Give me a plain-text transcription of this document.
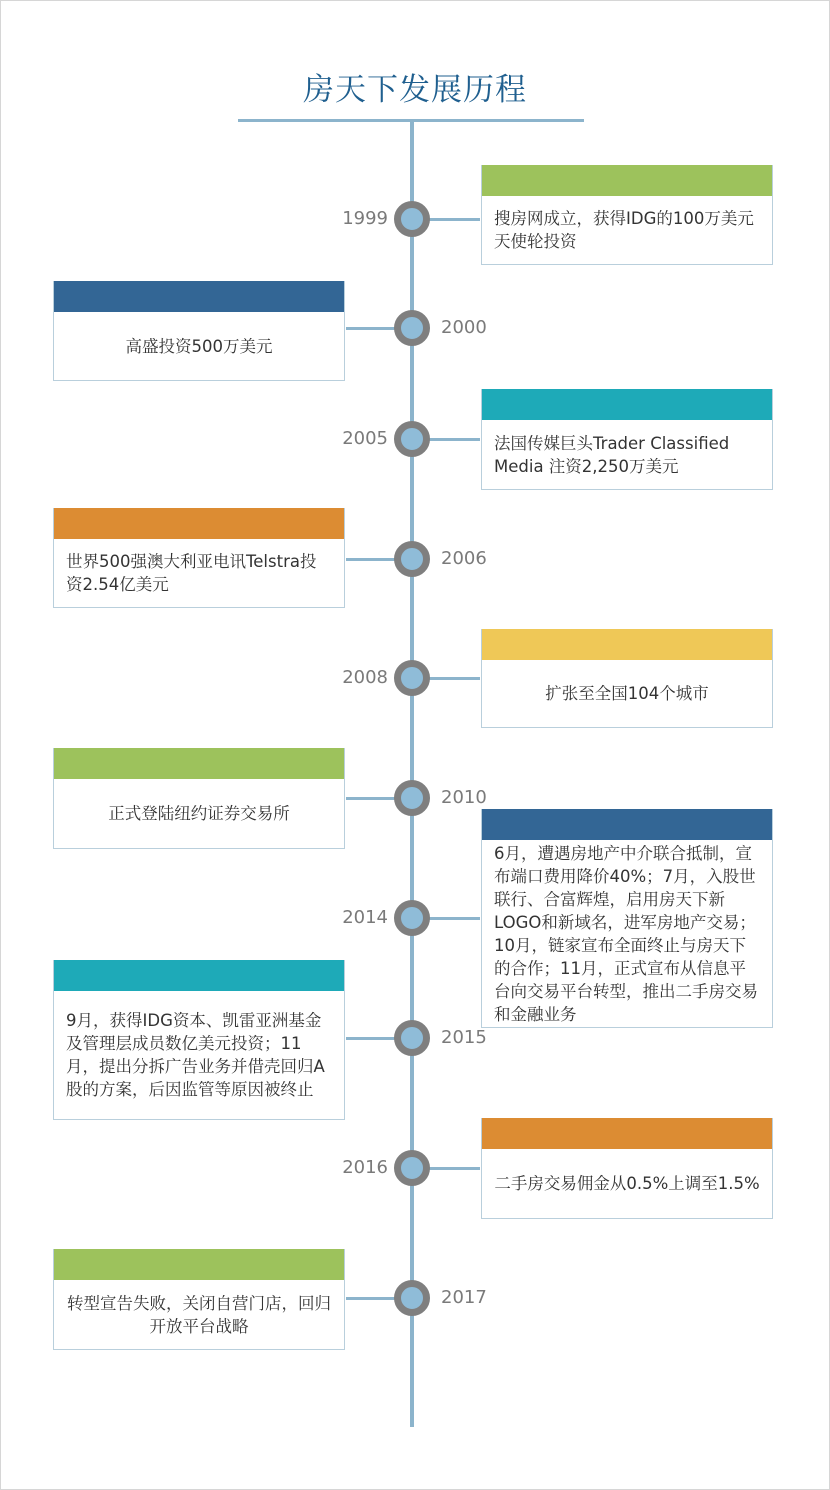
房天下发展历程
1999	搜房网成立，获得IDG的100万美元天使轮投资
2000
高盛投资500万美元
2005	法国传媒巨头Trader Classified Media 注资2,250万美元
2006
世界500强澳大利亚电讯Telstra投资2.54亿美元
2008
扩张至全国104个城市
2010
正式登陆纽约证券交易所
2014
6月，遭遇房地产中介联合抵制，宣布端口费用降价40%；7月，入股世联行、合富辉煌，启用房天下新LOGO和新域名，进军房地产交易；10月，链家宣布全面终止与房天下的合作；11月，正式宣布从信息平台向交易平台转型，推出二手房交易和金融业务
2015
9月，获得IDG资本、凯雷亚洲基金及管理层成员数亿美元投资；11月，提出分拆广告业务并借壳回归A股的方案，后因监管等原因被终止
2016
二手房交易佣金从0.5%上调至1.5%
2017
转型宣告失败，关闭自营门店，回归开放平台战略
